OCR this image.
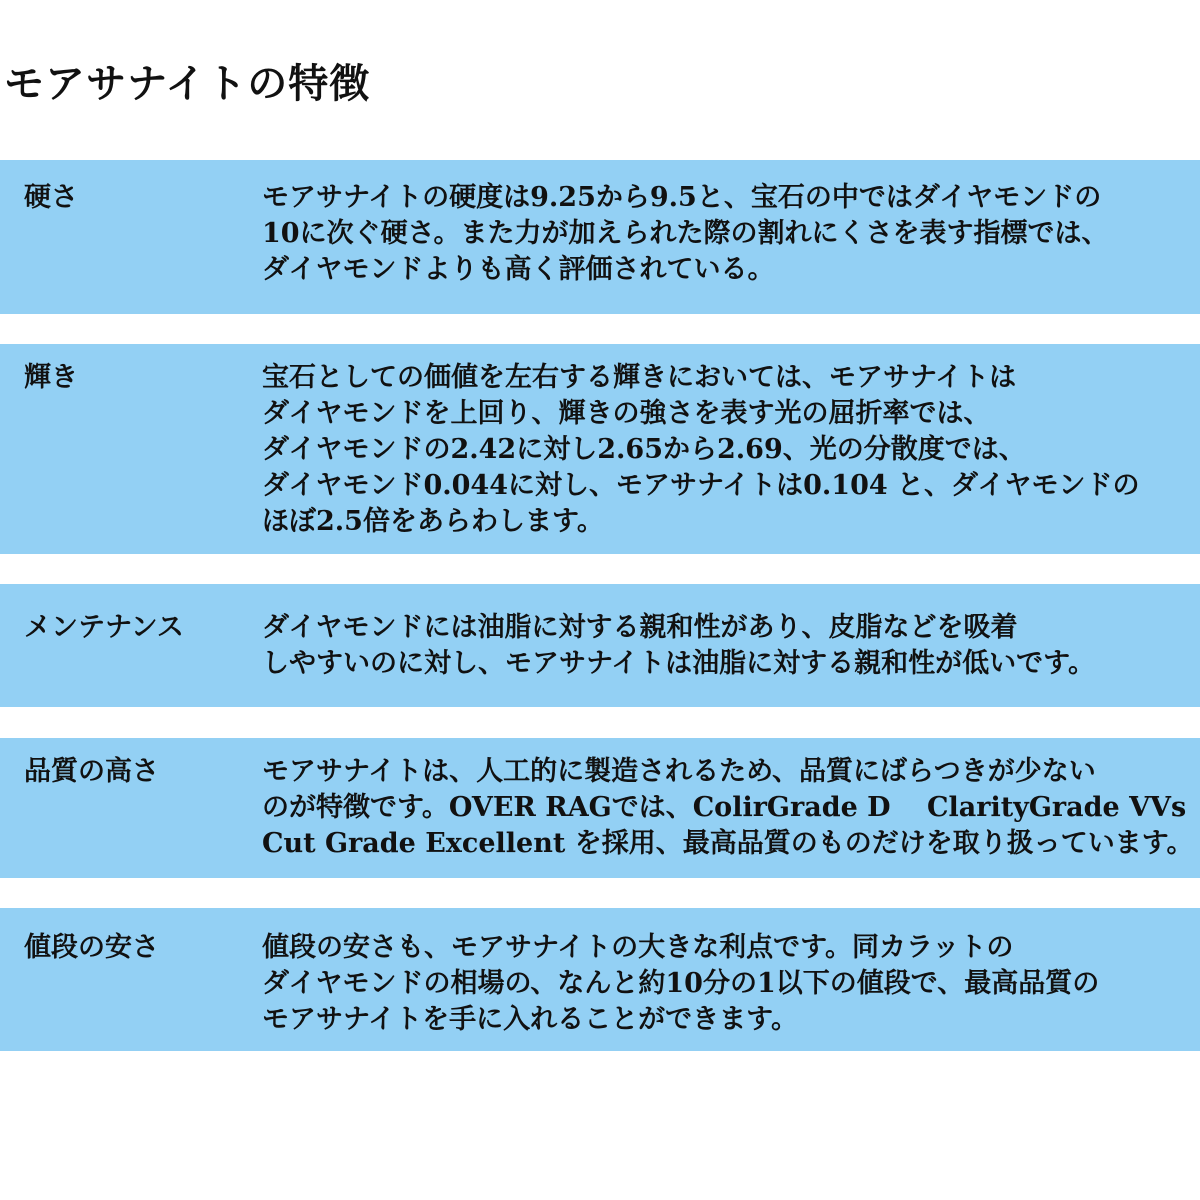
モアサナイトの特徴
硬さ	モアサナイトの硬度は9.25から9.5と、宝石の中ではダイヤモンドの
10に次ぐ硬さ。また力が加えられた際の割れにくさを表す指標では、
ダイヤモンドよりも高く評価されている。
輝き	宝石としての価値を左右する輝きにおいては、モアサナイトは
ダイヤモンドを上回り、輝きの強さを表す光の屈折率では、
ダイヤモンドの2.42に対し2.65から2.69、光の分散度では、
ダイヤモンド0.044に対し、モアサナイトは0.104 と、ダイヤモンドの
ほぼ2.5倍をあらわします。
メンテナンス	ダイヤモンドには油脂に対する親和性があり、皮脂などを吸着
しやすいのに対し、モアサナイトは油脂に対する親和性が低いです。
品質の高さ	モアサナイトは、人工的に製造されるため、品質にばらつきが少ない
のが特徴です。OVER RAGでは、ColirGrade D　 ClarityGrade VVs
Cut Grade Excellent を採用、最高品質のものだけを取り扱っています。
値段の安さ	値段の安さも、モアサナイトの大きな利点です。同カラットの
ダイヤモンドの相場の、なんと約10分の1以下の値段で、最高品質の
モアサナイトを手に入れることができます。
